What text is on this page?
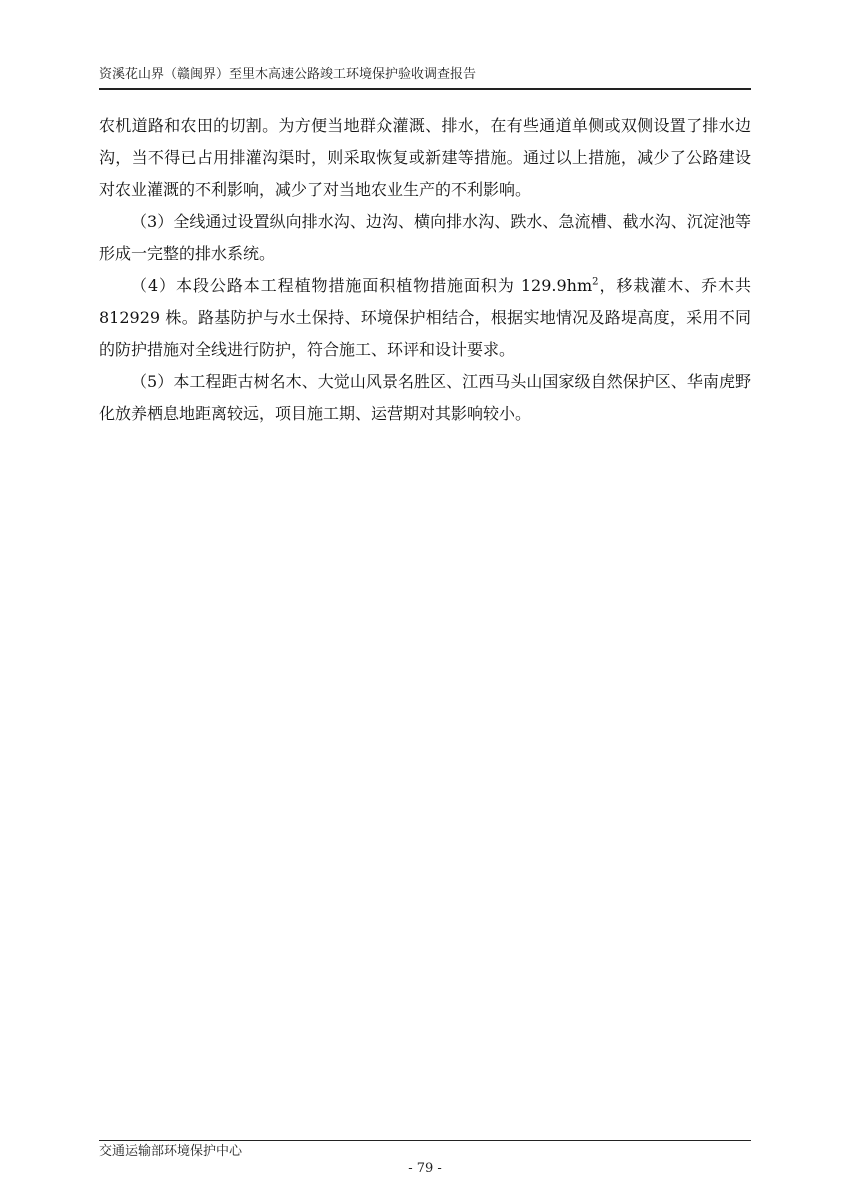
资溪花山界（赣闽界）至里木高速公路竣工环境保护验收调查报告

农机道路和农田的切割。为方便当地群众灌溉、排水，在有些通道单侧或双侧设置了排水边沟，当不得已占用排灌沟渠时，则采取恢复或新建等措施。通过以上措施，减少了公路建设对农业灌溉的不利影响，减少了对当地农业生产的不利影响。

（3）全线通过设置纵向排水沟、边沟、横向排水沟、跌水、急流槽、截水沟、沉淀池等形成一完整的排水系统。

（4）本段公路本工程植物措施面积植物措施面积为 $129.9hm^2$，移栽灌木、乔木共 812929 株。路基防护与水土保持、环境保护相结合，根据实地情况及路堤高度，采用不同的防护措施对全线进行防护，符合施工、环评和设计要求。

（5）本工程距古树名木、大觉山风景名胜区、江西马头山国家级自然保护区、华南虎野化放养栖息地距离较远，项目施工期、运营期对其影响较小。

交通运输部环境保护中心
- 79 -
